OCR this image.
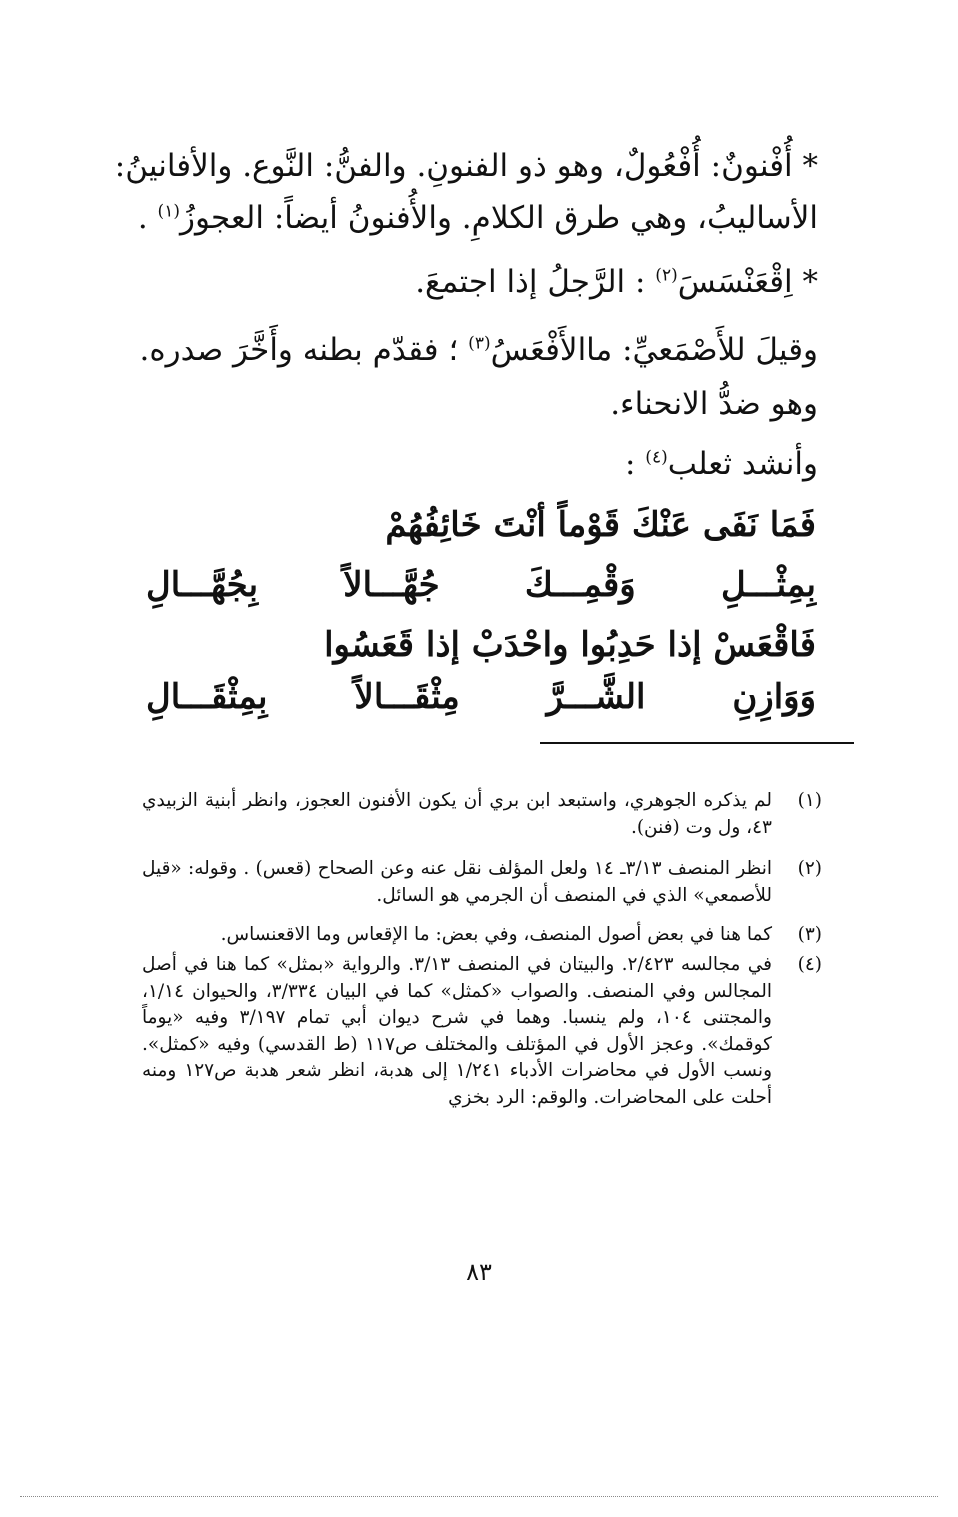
* أُفْنونٌ: أُفْعُولٌ، وهو ذو الفنونِ. والفنُّ: النَّوع. والأفانينُ:
الأساليبُ، وهي طرق الكلامِ. والأُفنونُ أيضاً: العجوزُ$^{(١)}$ .
* اِقْعَنْسَسَ$^{(٢)}$ : الرَّجلُ إذا اجتمعَ.
وقيلَ للأَصْمَعيِّ: ماالأَفْعَسُ$^{(٣)}$ ؛ فقدّم بطنه وأَخَّرَ صدره.
وهو ضدُّ الانحناء.
وأنشد ثعلب$^{(٤)}$ :
فَمَا نَفَى عَنْكَ قَوْماً أنْتَ خَائِفُهُمْ
بِمِثْـــلِ وَقْمِـــكَ جُهَّـــالاً بِجُهَّـــالِ
فَاقْعَسْ إذا حَدِبُوا واحْدَبْ إذا قَعَسُوا
وَوَازِنِ الشَّـــرَّ مِثْقَـــالاً بِمِثْقَـــالِ
(١)
لم يذكره الجوهري، واستبعد ابن بري أن يكون الأفنون العجوز، وانظر أبنية الزبيدي ٤٣، ول وت (فنن).
(٢)
انظر المنصف ٣/١٣ـ ١٤ ولعل المؤلف نقل عنه وعن الصحاح (قعس) . وقوله: «قيل للأصمعي» الذي في المنصف أن الجرمي هو السائل.
(٣)
كما هنا في بعض أصول المنصف، وفي بعض: ما الإقعاس وما الاقعنساس.
(٤)
في مجالسه ٢/٤٢٣. والبيتان في المنصف ٣/١٣. والرواية «بمثل» كما هنا في أصل المجالس وفي المنصف. والصواب «كمثل» كما في البيان ٣/٣٣٤، والحيوان ١/١٤، والمجتنى ١٠٤، ولم ينسبا. وهما في شرح ديوان أبي تمام ٣/١٩٧ وفيه «يوماً كوقمك». وعجز الأول في المؤتلف والمختلف ص١١٧ (ط القدسي) وفيه «كمثل». ونسب الأول في محاضرات الأدباء ١/٢٤١ إلى هدبة، انظر شعر هدبة ص١٢٧ ومنه أحلت على المحاضرات. والوقم: الرد بخزي
٨٣
